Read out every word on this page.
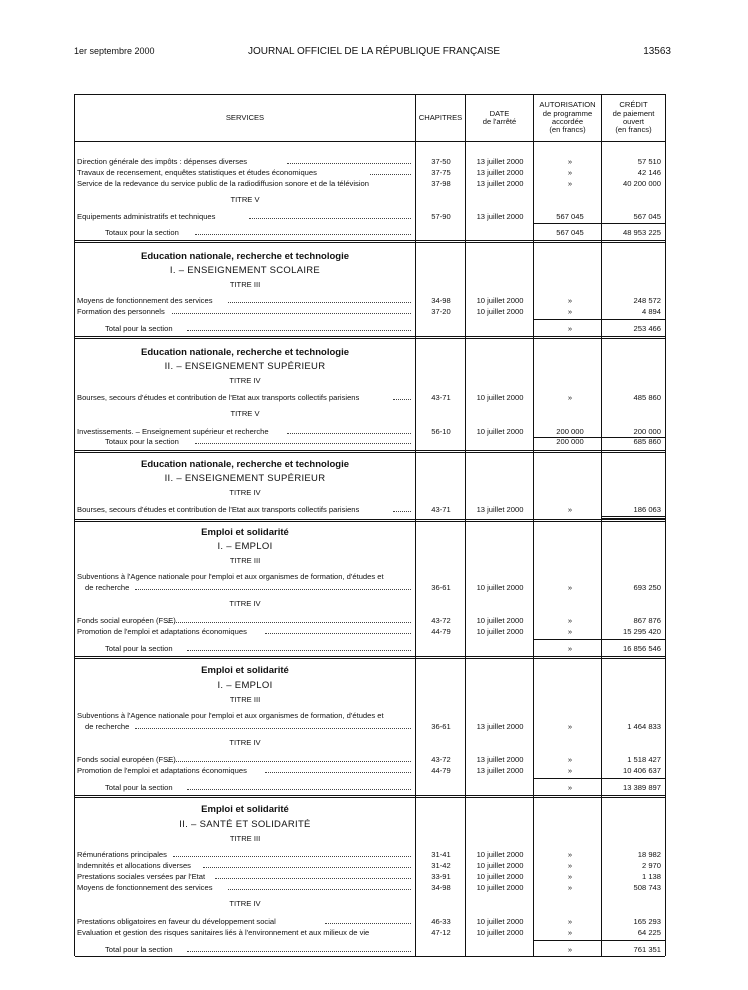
1er septembre 2000	JOURNAL OFFICIEL DE LA RÉPUBLIQUE FRANÇAISE	13563
SERVICES	CHAPITRES	DATE
de l'arrêté
AUTORISATION
de programme
accordée
(en francs)
CRÉDIT
de paiement
ouvert
(en francs)
Direction générale des impôts : dépenses diverses	37-50	13 juillet 2000	»	57 510
Travaux de recensement, enquêtes statistiques et études économiques	37-75	13 juillet 2000	»	42 146
Service de la redevance du service public de la radiodiffusion sonore et de la télévision	37-98	13 juillet 2000	»	40 200 000
TITRE V
Equipements administratifs et techniques	57-90	13 juillet 2000	567 045	567 045
Totaux pour la section	567 045	48 953 225
Education nationale, recherche et technologie
I. – ENSEIGNEMENT SCOLAIRE
TITRE III
Moyens de fonctionnement des services	34-98	10 juillet 2000	»	248 572
Formation des personnels	37-20	10 juillet 2000	»	4 894
Total pour la section	»	253 466
Education nationale, recherche et technologie
II. – ENSEIGNEMENT SUPÉRIEUR
TITRE IV
Bourses, secours d'études et contribution de l'Etat aux transports collectifs parisiens	43-71	10 juillet 2000	»	485 860
TITRE V
Investissements. – Enseignement supérieur et recherche	56-10	10 juillet 2000	200 000	200 000
Totaux pour la section	200 000	685 860
Education nationale, recherche et technologie
II. – ENSEIGNEMENT SUPÉRIEUR
TITRE IV
Bourses, secours d'études et contribution de l'Etat aux transports collectifs parisiens	43-71	13 juillet 2000	»	186 063
Emploi et solidarité
I. – EMPLOI
TITRE III
Subventions à l'Agence nationale pour l'emploi et aux organismes de formation, d'études et
de recherche	36-61	10 juillet 2000	»	693 250
TITRE IV
Fonds social européen (FSE)	43-72	10 juillet 2000	»	867 876
Promotion de l'emploi et adaptations économiques	44-79	10 juillet 2000	»	15 295 420
Total pour la section	»	16 856 546
Emploi et solidarité
I. – EMPLOI
TITRE III
Subventions à l'Agence nationale pour l'emploi et aux organismes de formation, d'études et
de recherche	36-61	13 juillet 2000	»	1 464 833
TITRE IV
Fonds social européen (FSE)	43-72	13 juillet 2000	»	1 518 427
Promotion de l'emploi et adaptations économiques	44-79	13 juillet 2000	»	10 406 637
Total pour la section	»	13 389 897
Emploi et solidarité
II. – SANTÉ ET SOLIDARITÉ
TITRE III
Rémunérations principales	31-41	10 juillet 2000	»	18 982
Indemnités et allocations diverses	31-42	10 juillet 2000	»	2 970
Prestations sociales versées par l'Etat	33-91	10 juillet 2000	»	1 138
Moyens de fonctionnement des services	34-98	10 juillet 2000	»	508 743
TITRE IV
Prestations obligatoires en faveur du développement social	46-33	10 juillet 2000	»	165 293
Evaluation et gestion des risques sanitaires liés à l'environnement et aux milieux de vie	47-12	10 juillet 2000	»	64 225
Total pour la section	»	761 351
